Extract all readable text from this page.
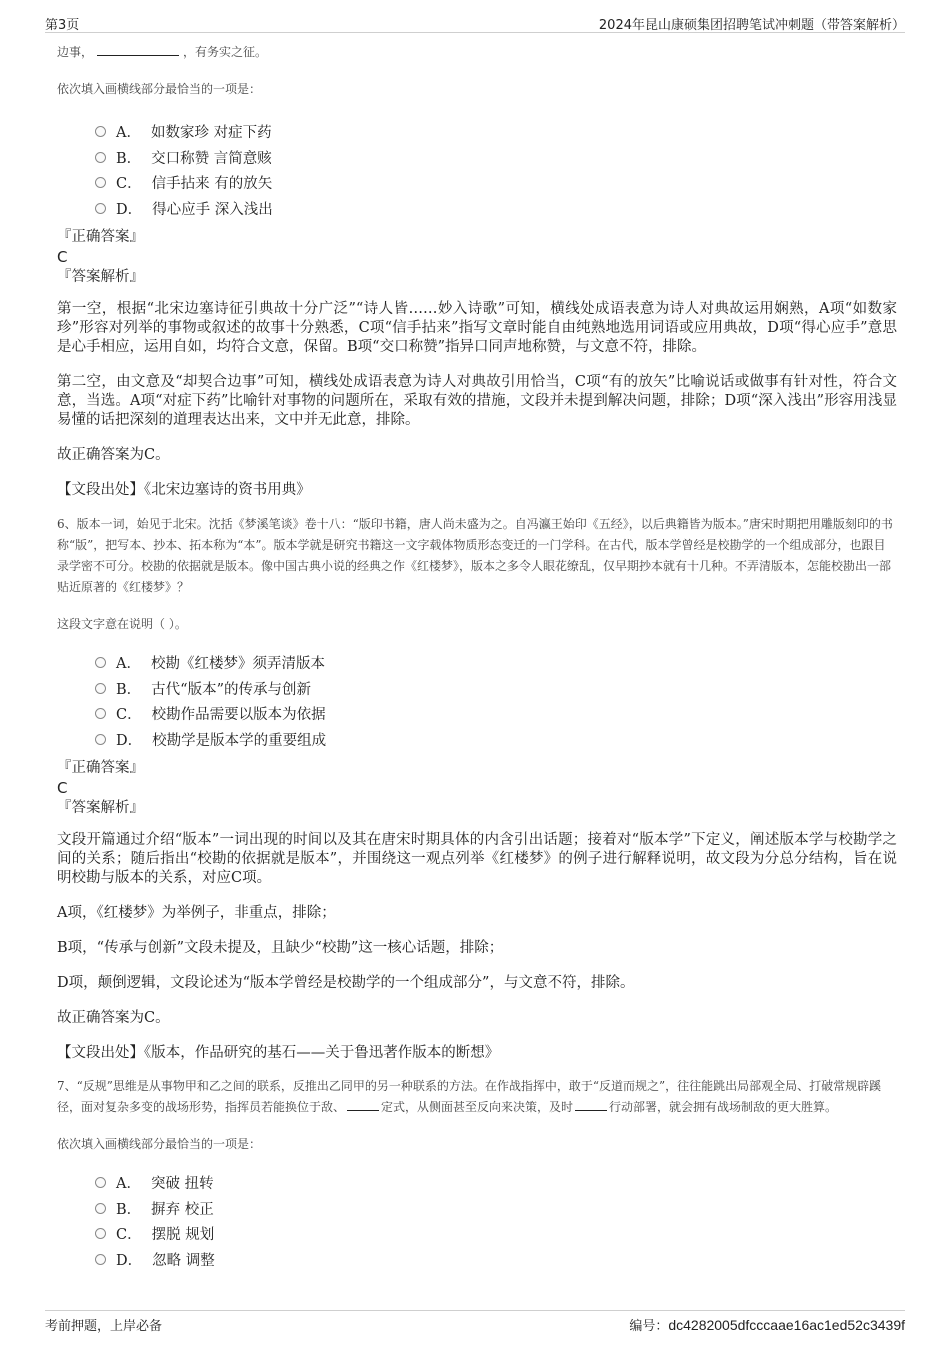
第3页	2024年昆山康硕集团招聘笔试冲刺题（带答案解析）
边事，	，有务实之征。
依次填入画横线部分最恰当的一项是：
A． 如数家珍 对症下药
B． 交口称赞 言简意赅
C． 信手拈来 有的放矢
D． 得心应手 深入浅出
『正确答案』
C
『答案解析』
第一空，根据“北宋边塞诗征引典故十分广泛”“诗人皆……妙入诗歌”可知，横线处成语表意为诗人对典故运用娴熟，A项“如数家珍”形容对列举的事物或叙述的故事十分熟悉，C项“信手拈来”指写文章时能自由纯熟地选用词语或应用典故，D项“得心应手”意思是心手相应，运用自如，均符合文意，保留。B项“交口称赞”指异口同声地称赞，与文意不符，排除。
第二空，由文意及“却契合边事”可知，横线处成语表意为诗人对典故引用恰当，C项“有的放矢”比喻说话或做事有针对性，符合文意，当选。A项“对症下药”比喻针对事物的问题所在，采取有效的措施，文段并未提到解决问题，排除；D项“深入浅出”形容用浅显易懂的话把深刻的道理表达出来，文中并无此意，排除。
故正确答案为C。
【文段出处】《北宋边塞诗的资书用典》
6、版本一词，始见于北宋。沈括《梦溪笔谈》卷十八：“版印书籍，唐人尚未盛为之。自冯瀛王始印《五经》，以后典籍皆为版本。”唐宋时期把用雕版刻印的书称“版”，把写本、抄本、拓本称为“本”。版本学就是研究书籍这一文字载体物质形态变迁的一门学科。在古代，版本学曾经是校勘学的一个组成部分，也跟目录学密不可分。校勘的依据就是版本。像中国古典小说的经典之作《红楼梦》，版本之多令人眼花缭乱，仅早期抄本就有十几种。不弄清版本，怎能校勘出一部贴近原著的《红楼梦》？
这段文字意在说明（ ）。
A． 校勘《红楼梦》须弄清版本
B． 古代“版本”的传承与创新
C． 校勘作品需要以版本为依据
D． 校勘学是版本学的重要组成
『正确答案』
C
『答案解析』
文段开篇通过介绍“版本”一词出现的时间以及其在唐宋时期具体的内含引出话题；接着对“版本学”下定义，阐述版本学与校勘学之间的关系；随后指出“校勘的依据就是版本”，并围绕这一观点列举《红楼梦》的例子进行解释说明，故文段为分总分结构，旨在说明校勘与版本的关系，对应C项。
A项，《红楼梦》为举例子，非重点，排除；
B项，“传承与创新”文段未提及，且缺少“校勘”这一核心话题，排除；
D项，颠倒逻辑，文段论述为“版本学曾经是校勘学的一个组成部分”，与文意不符，排除。
故正确答案为C。
【文段出处】《版本，作品研究的基石——关于鲁迅著作版本的断想》
7、“反规”思维是从事物甲和乙之间的联系，反推出乙同甲的另一种联系的方法。在作战指挥中，敢于“反道而规之”，往往能跳出局部观全局、打破常规辟蹊径，面对复杂多变的战场形势，指挥员若能换位于敌、	定式，从侧面甚至反向来决策，及时	行动部署，就会拥有战场制敌的更大胜算。
依次填入画横线部分最恰当的一项是：
A． 突破 扭转
B． 摒弃 校正
C． 摆脱 规划
D． 忽略 调整
考前押题，上岸必备	编号：dc4282005dfcccaae16ac1ed52c3439f
